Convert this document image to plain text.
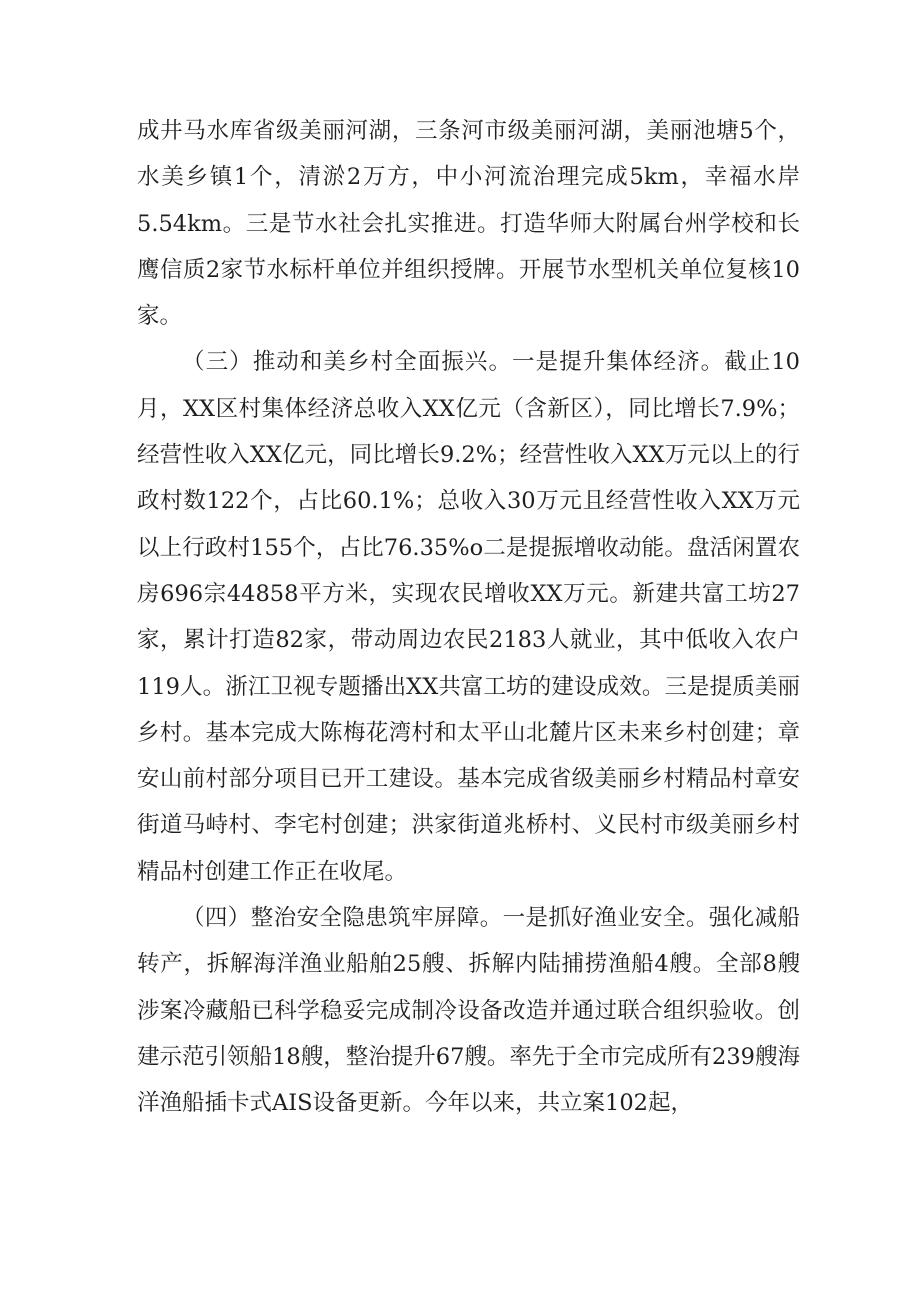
成井马水库省级美丽河湖，三条河市级美丽河湖，美丽池塘5个，水美乡镇1个，清淤2万方，中小河流治理完成5km，幸福水岸5.54km。三是节水社会扎实推进。打造华师大附属台州学校和长鹰信质2家节水标杆单位并组织授牌。开展节水型机关单位复核10家。

（三）推动和美乡村全面振兴。一是提升集体经济。截止10月，XX区村集体经济总收入XX亿元（含新区），同比增长7.9%；经营性收入XX亿元，同比增长9.2%；经营性收入XX万元以上的行政村数122个，占比60.1%；总收入30万元且经营性收入XX万元以上行政村155个，占比76.35%o二是提振增收动能。盘活闲置农房696宗44858平方米，实现农民增收XX万元。新建共富工坊27家，累计打造82家，带动周边农民2183人就业，其中低收入农户119人。浙江卫视专题播出XX共富工坊的建设成效。三是提质美丽乡村。基本完成大陈梅花湾村和太平山北麓片区未来乡村创建；章安山前村部分项目已开工建设。基本完成省级美丽乡村精品村章安街道马峙村、李宅村创建；洪家街道兆桥村、义民村市级美丽乡村精品村创建工作正在收尾。

（四）整治安全隐患筑牢屏障。一是抓好渔业安全。强化减船转产，拆解海洋渔业船舶25艘、拆解内陆捕捞渔船4艘。全部8艘涉案冷藏船已科学稳妥完成制冷设备改造并通过联合组织验收。创建示范引领船18艘，整治提升67艘。率先于全市完成所有239艘海洋渔船插卡式AIS设备更新。今年以来，共立案102起，
